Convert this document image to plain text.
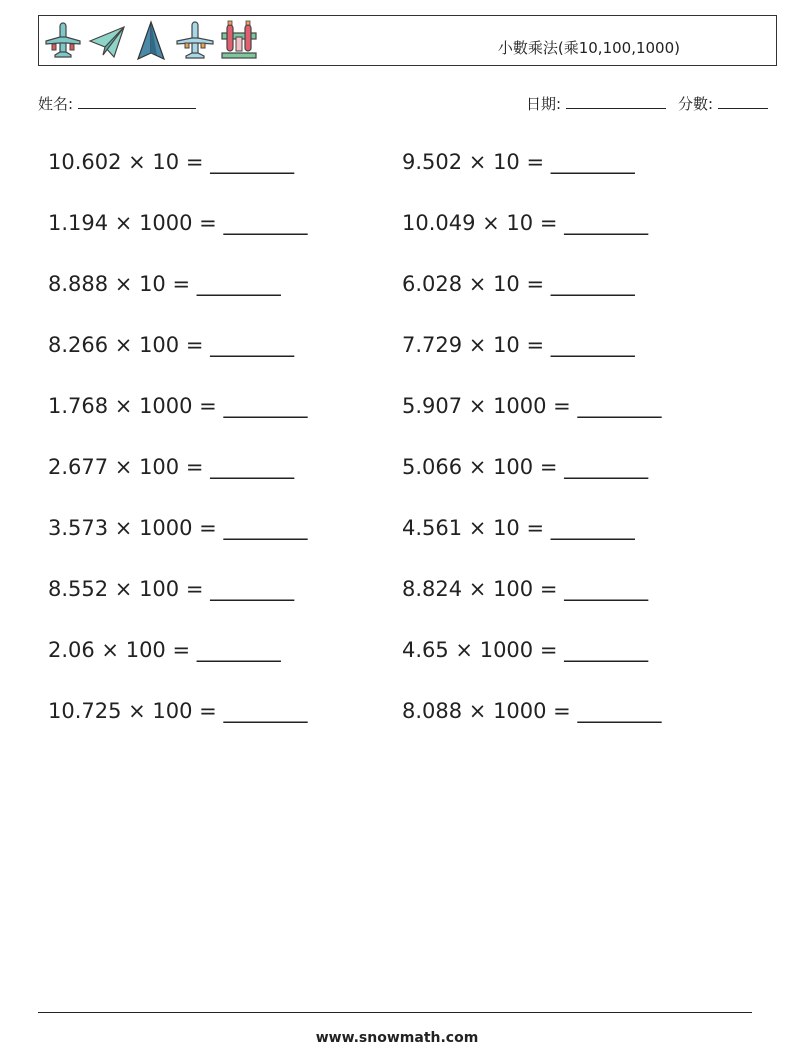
小數乘法(乘10,100,1000)
姓名:	日期:	分數:
10.602 × 10 = ________
1.194 × 1000 = ________
8.888 × 10 = ________
8.266 × 100 = ________
1.768 × 1000 = ________
2.677 × 100 = ________
3.573 × 1000 = ________
8.552 × 100 = ________
2.06 × 100 = ________
10.725 × 100 = ________
9.502 × 10 = ________
10.049 × 10 = ________
6.028 × 10 = ________
7.729 × 10 = ________
5.907 × 1000 = ________
5.066 × 100 = ________
4.561 × 10 = ________
8.824 × 100 = ________
4.65 × 1000 = ________
8.088 × 1000 = ________
www.snowmath.com
